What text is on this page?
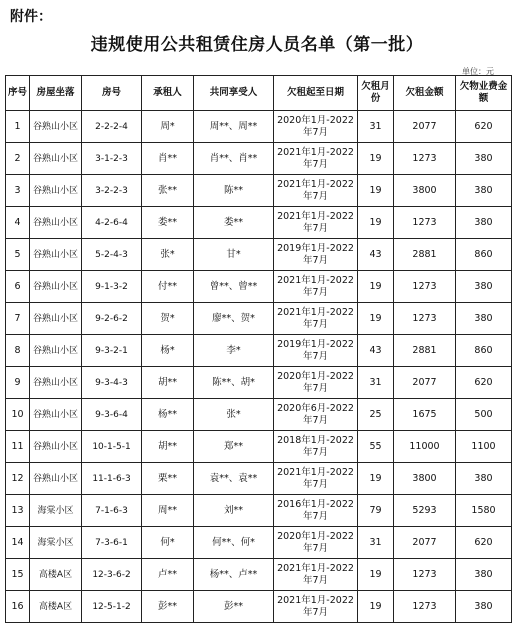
附件：
违规使用公共租赁住房人员名单（第一批）
单位：元
序号	房屋坐落	房号	承租人	共同享受人	欠租起至日期	欠租月份	欠租金额	欠物业费金额
1	谷熟山小区	2-2-2-4	周*	周**、周**	2020年1月-2022年7月	31	2077	620
2	谷熟山小区	3-1-2-3	肖**	肖**、肖**	2021年1月-2022年7月	19	1273	380
3	谷熟山小区	3-2-2-3	张**	陈**	2021年1月-2022年7月	19	3800	380
4	谷熟山小区	4-2-6-4	娄**	娄**	2021年1月-2022年7月	19	1273	380
5	谷熟山小区	5-2-4-3	张*	甘*	2019年1月-2022年7月	43	2881	860
6	谷熟山小区	9-1-3-2	付**	曾**、曾**	2021年1月-2022年7月	19	1273	380
7	谷熟山小区	9-2-6-2	贺*	廖**、贺*	2021年1月-2022年7月	19	1273	380
8	谷熟山小区	9-3-2-1	杨*	李*	2019年1月-2022年7月	43	2881	860
9	谷熟山小区	9-3-4-3	胡**	陈**、胡*	2020年1月-2022年7月	31	2077	620
10	谷熟山小区	9-3-6-4	杨**	张*	2020年6月-2022年7月	25	1675	500
11	谷熟山小区	10-1-5-1	胡**	郑**	2018年1月-2022年7月	55	11000	1100
12	谷熟山小区	11-1-6-3	栗**	袁**、袁**	2021年1月-2022年7月	19	3800	380
13	海棠小区	7-1-6-3	周**	刘**	2016年1月-2022年7月	79	5293	1580
14	海棠小区	7-3-6-1	何*	何**、何*	2020年1月-2022年7月	31	2077	620
15	高楼A区	12-3-6-2	卢**	杨**、卢**	2021年1月-2022年7月	19	1273	380
16	高楼A区	12-5-1-2	彭**	彭**	2021年1月-2022年7月	19	1273	380
